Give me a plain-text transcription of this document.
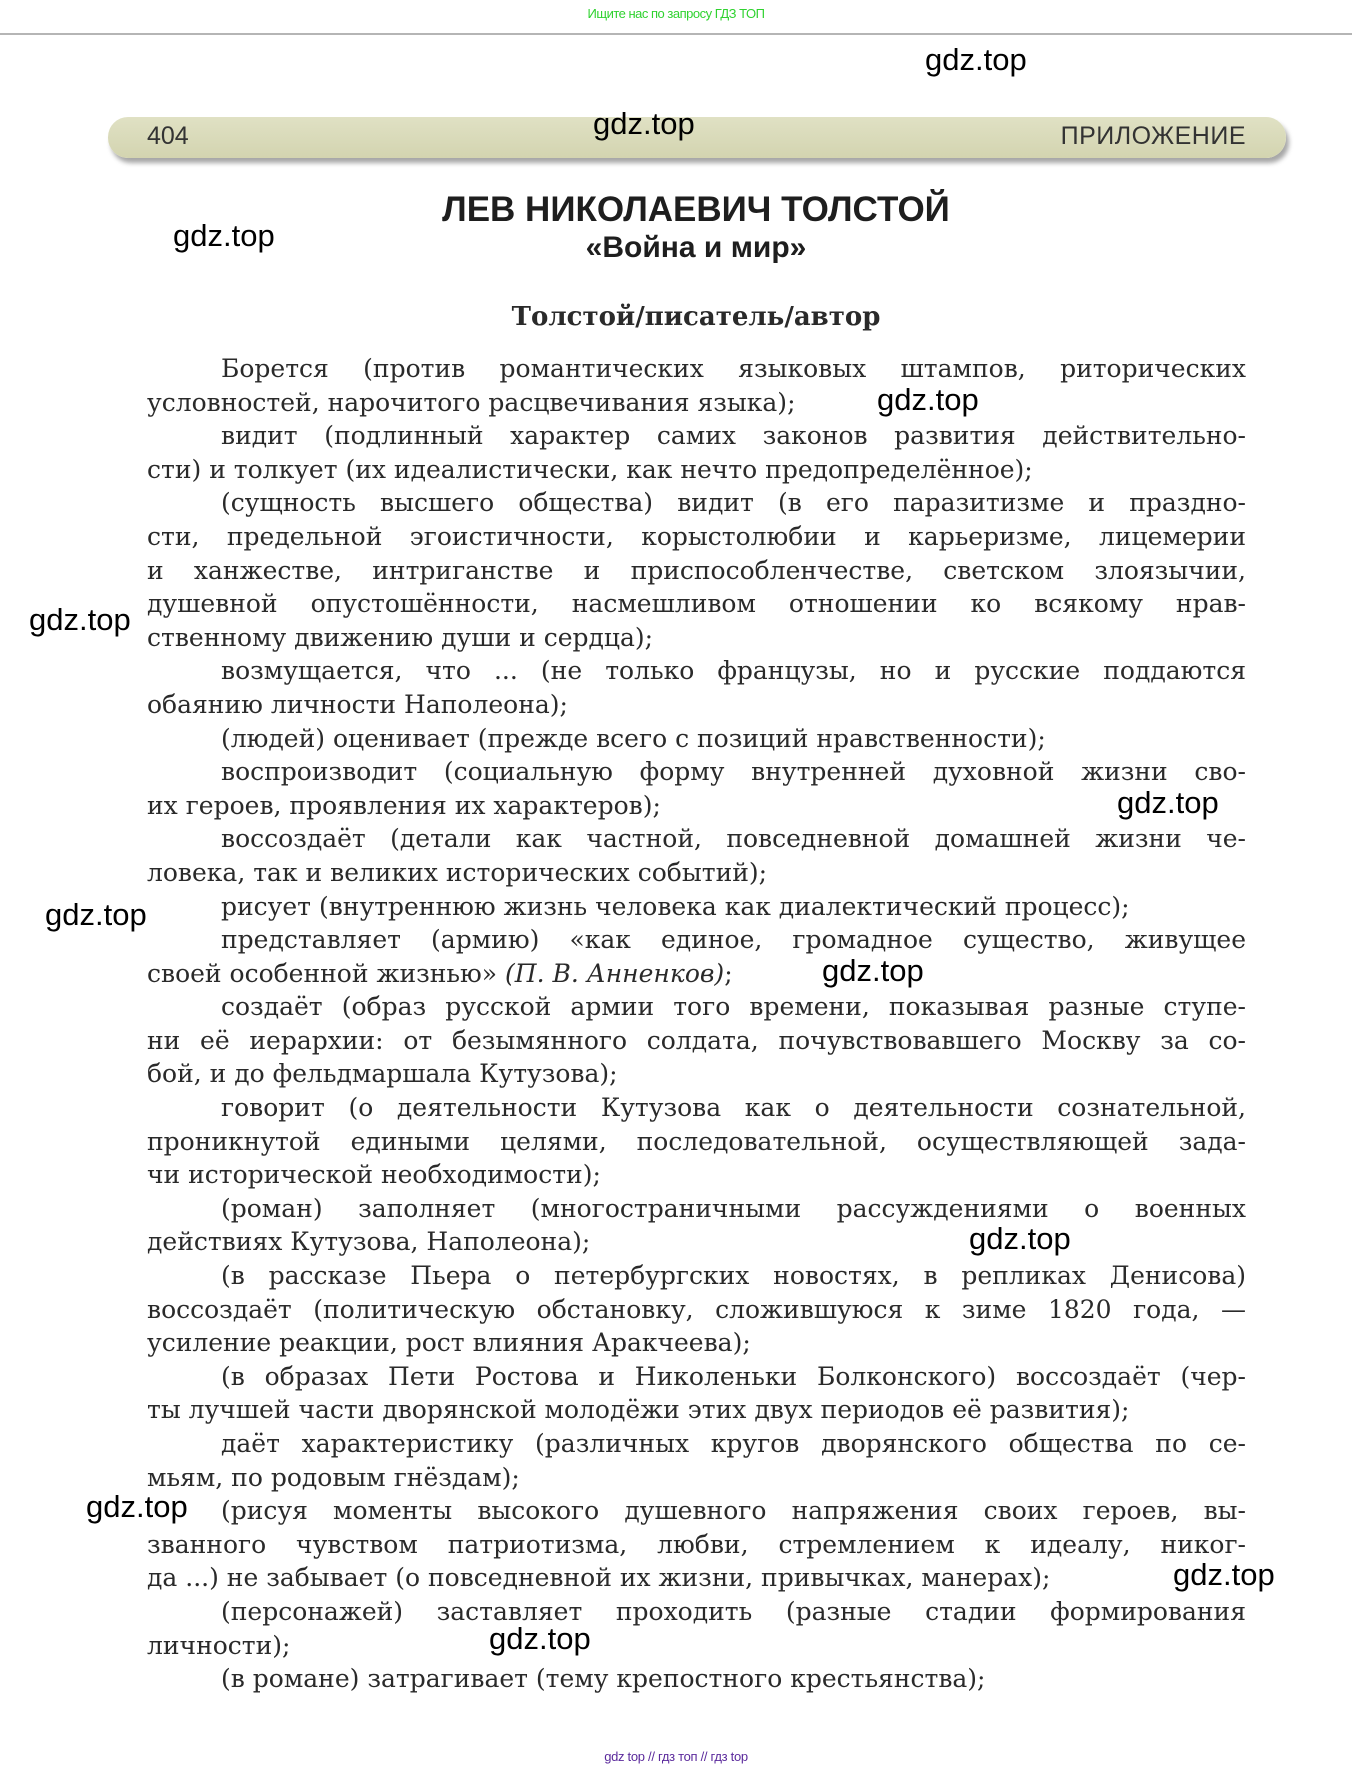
Ищите нас по запросу ГДЗ ТОП
404	ПРИЛОЖЕНИЕ
ЛЕВ НИКОЛАЕВИЧ ТОЛСТОЙ
«Война и мир»
Толстой/писатель/автор
Борется (против романтических языковых штампов, риторических
условностей, нарочитого расцвечивания языка);
видит (подлинный характер самих законов развития действительно-
сти) и толкует (их идеалистически, как нечто предопределённое);
(сущность высшего общества) видит (в его паразитизме и праздно-
сти, предельной эгоистичности, корыстолюбии и карьеризме, лицемерии
и ханжестве, интриганстве и приспособленчестве, светском злоязычии,
душевной опустошённости, насмешливом отношении ко всякому нрав-
ственному движению души и сердца);
возмущается, что ... (не только французы, но и русские поддаются
обаянию личности Наполеона);
(людей) оценивает (прежде всего с позиций нравственности);
воспроизводит (социальную форму внутренней духовной жизни сво-
их героев, проявления их характеров);
воссоздаёт (детали как частной, повседневной домашней жизни че-
ловека, так и великих исторических событий);
рисует (внутреннюю жизнь человека как диалектический процесс);
представляет (армию) «как единое, громадное существо, живущее
своей особенной жизнью» (П. В. Анненков);
создаёт (образ русской армии того времени, показывая разные ступе-
ни её иерархии: от безымянного солдата, почувствовавшего Москву за со-
бой, и до фельдмаршала Кутузова);
говорит (о деятельности Кутузова как о деятельности сознательной,
проникнутой едиными целями, последовательной, осуществляющей зада-
чи исторической необходимости);
(роман) заполняет (многостраничными рассуждениями о военных
действиях Кутузова, Наполеона);
(в рассказе Пьера о петербургских новостях, в репликах Денисова)
воссоздаёт (политическую обстановку, сложившуюся к зиме 1820 года, —
усиление реакции, рост влияния Аракчеева);
(в образах Пети Ростова и Николеньки Болконского) воссоздаёт (чер-
ты лучшей части дворянской молодёжи этих двух периодов её развития);
даёт характеристику (различных кругов дворянского общества по се-
мьям, по родовым гнёздам);
(рисуя моменты высокого душевного напряжения своих героев, вы-
званного чувством патриотизма, любви, стремлением к идеалу, никог-
да ...) не забывает (о повседневной их жизни, привычках, манерах);
(персонажей) заставляет проходить (разные стадии формирования
личности);
(в романе) затрагивает (тему крепостного крестьянства);
gdz.top
gdz.top
gdz.top
gdz.top
gdz.top
gdz.top
gdz.top
gdz.top
gdz.top
gdz.top
gdz.top
gdz.top
gdz top // гдз топ // гдз top
